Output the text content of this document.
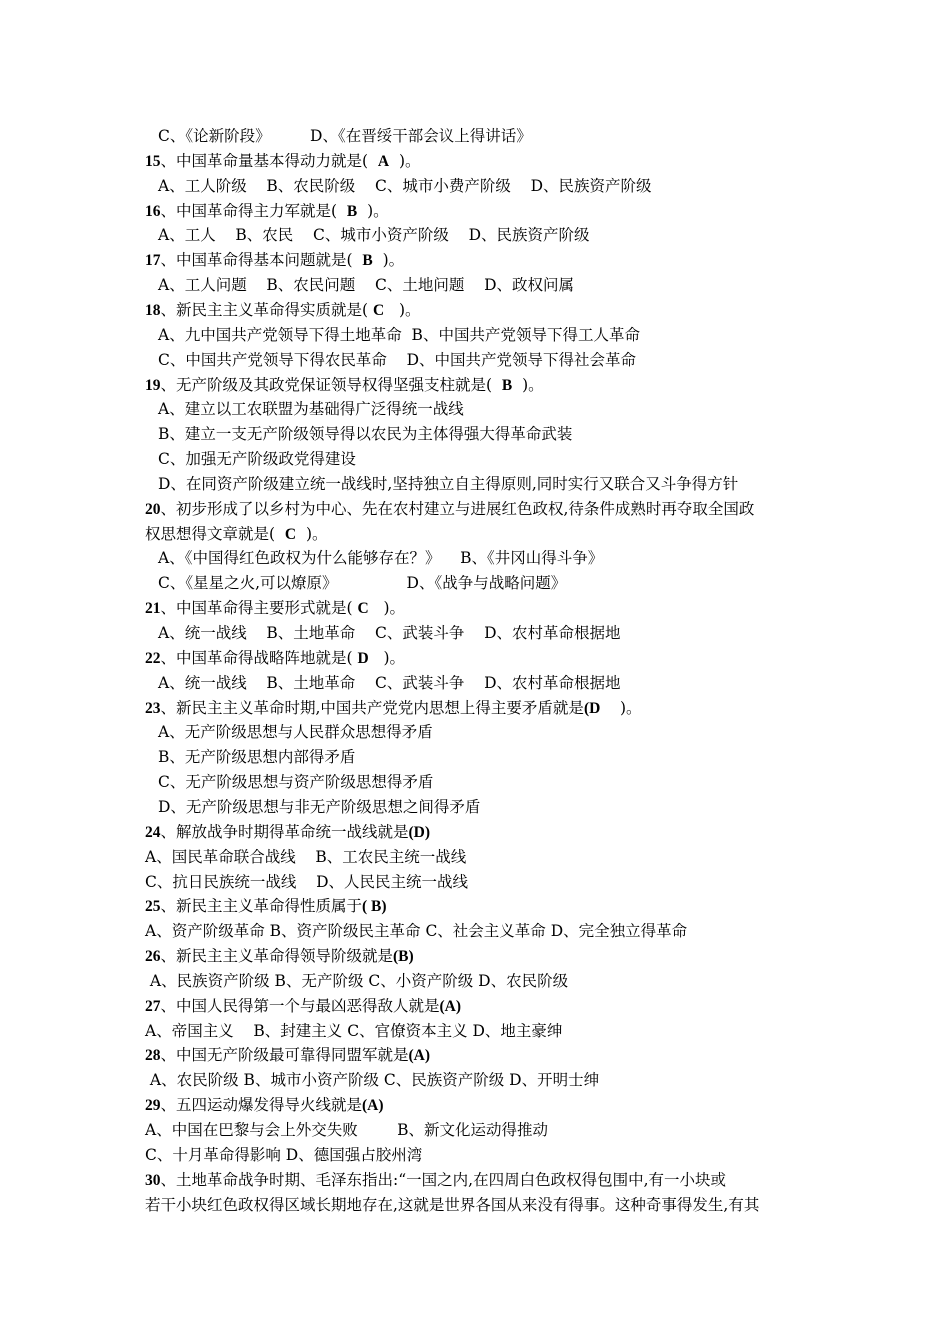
C、《论新阶段》        D、《在晋绥干部会议上得讲话》
15、中国革命量基本得动力就是(  A  )。
A、工人阶级    B、农民阶级    C、城市小费产阶级    D、民族资产阶级
16、中国革命得主力军就是(  B  )。
A、工人    B、农民    C、城市小资产阶级    D、民族资产阶级
17、中国革命得基本问题就是(  B  )。
A、工人问题    B、农民问题    C、土地问题    D、政权问属
18、新民主主义革命得实质就是( C   )。
A、九中国共产党领导下得土地革命  B、中国共产党领导下得工人革命
C、中国共产党领导下得农民革命    D、中国共产党领导下得社会革命
19、无产阶级及其政党保证领导权得坚强支柱就是(  B  )。
A、建立以工农联盟为基础得广泛得统一战线
B、建立一支无产阶级领导得以农民为主体得强大得革命武装
C、加强无产阶级政党得建设
D、在同资产阶级建立统一战线时,坚持独立自主得原则,同时实行又联合又斗争得方针
20、初步形成了以乡村为中心、先在农村建立与进展红色政权,待条件成熟时再夺取全国政
权思想得文章就是(  C  )。
A、《中国得红色政权为什么能够存在？》    B、《井冈山得斗争》
C、《星星之火,可以燎原》              D、《战争与战略问题》
21、中国革命得主要形式就是( C   )。
A、统一战线    B、土地革命    C、武装斗争    D、农村革命根据地
22、中国革命得战略阵地就是( D   )。
A、统一战线    B、土地革命    C、武装斗争    D、农村革命根据地
23、新民主主义革命时期,中国共产党党内思想上得主要矛盾就是(D    )。
A、无产阶级思想与人民群众思想得矛盾
B、无产阶级思想内部得矛盾
C、无产阶级思想与资产阶级思想得矛盾
D、无产阶级思想与非无产阶级思想之间得矛盾
24、解放战争时期得革命统一战线就是(D)
A、国民革命联合战线    B、工农民主统一战线
C、抗日民族统一战线    D、人民民主统一战线
25、新民主主义革命得性质属于( B)
A、资产阶级革命 B、资产阶级民主革命 C、社会主义革命 D、完全独立得革命
26、新民主主义革命得领导阶级就是(B)
A、民族资产阶级 B、无产阶级 C、小资产阶级 D、农民阶级
27、中国人民得第一个与最凶恶得敌人就是(A)
A、帝国主义    B、封建主义 C、官僚资本主义 D、地主豪绅
28、中国无产阶级最可靠得同盟军就是(A)
A、农民阶级 B、城市小资产阶级 C、民族资产阶级 D、开明士绅
29、五四运动爆发得导火线就是(A)
A、中国在巴黎与会上外交失败        B、新文化运动得推动
C、十月革命得影响 D、德国强占胶州湾
30、土地革命战争时期、毛泽东指出:“一国之内,在四周白色政权得包围中,有一小块或
若干小块红色政权得区域长期地存在,这就是世界各国从来没有得事。这种奇事得发生,有其
